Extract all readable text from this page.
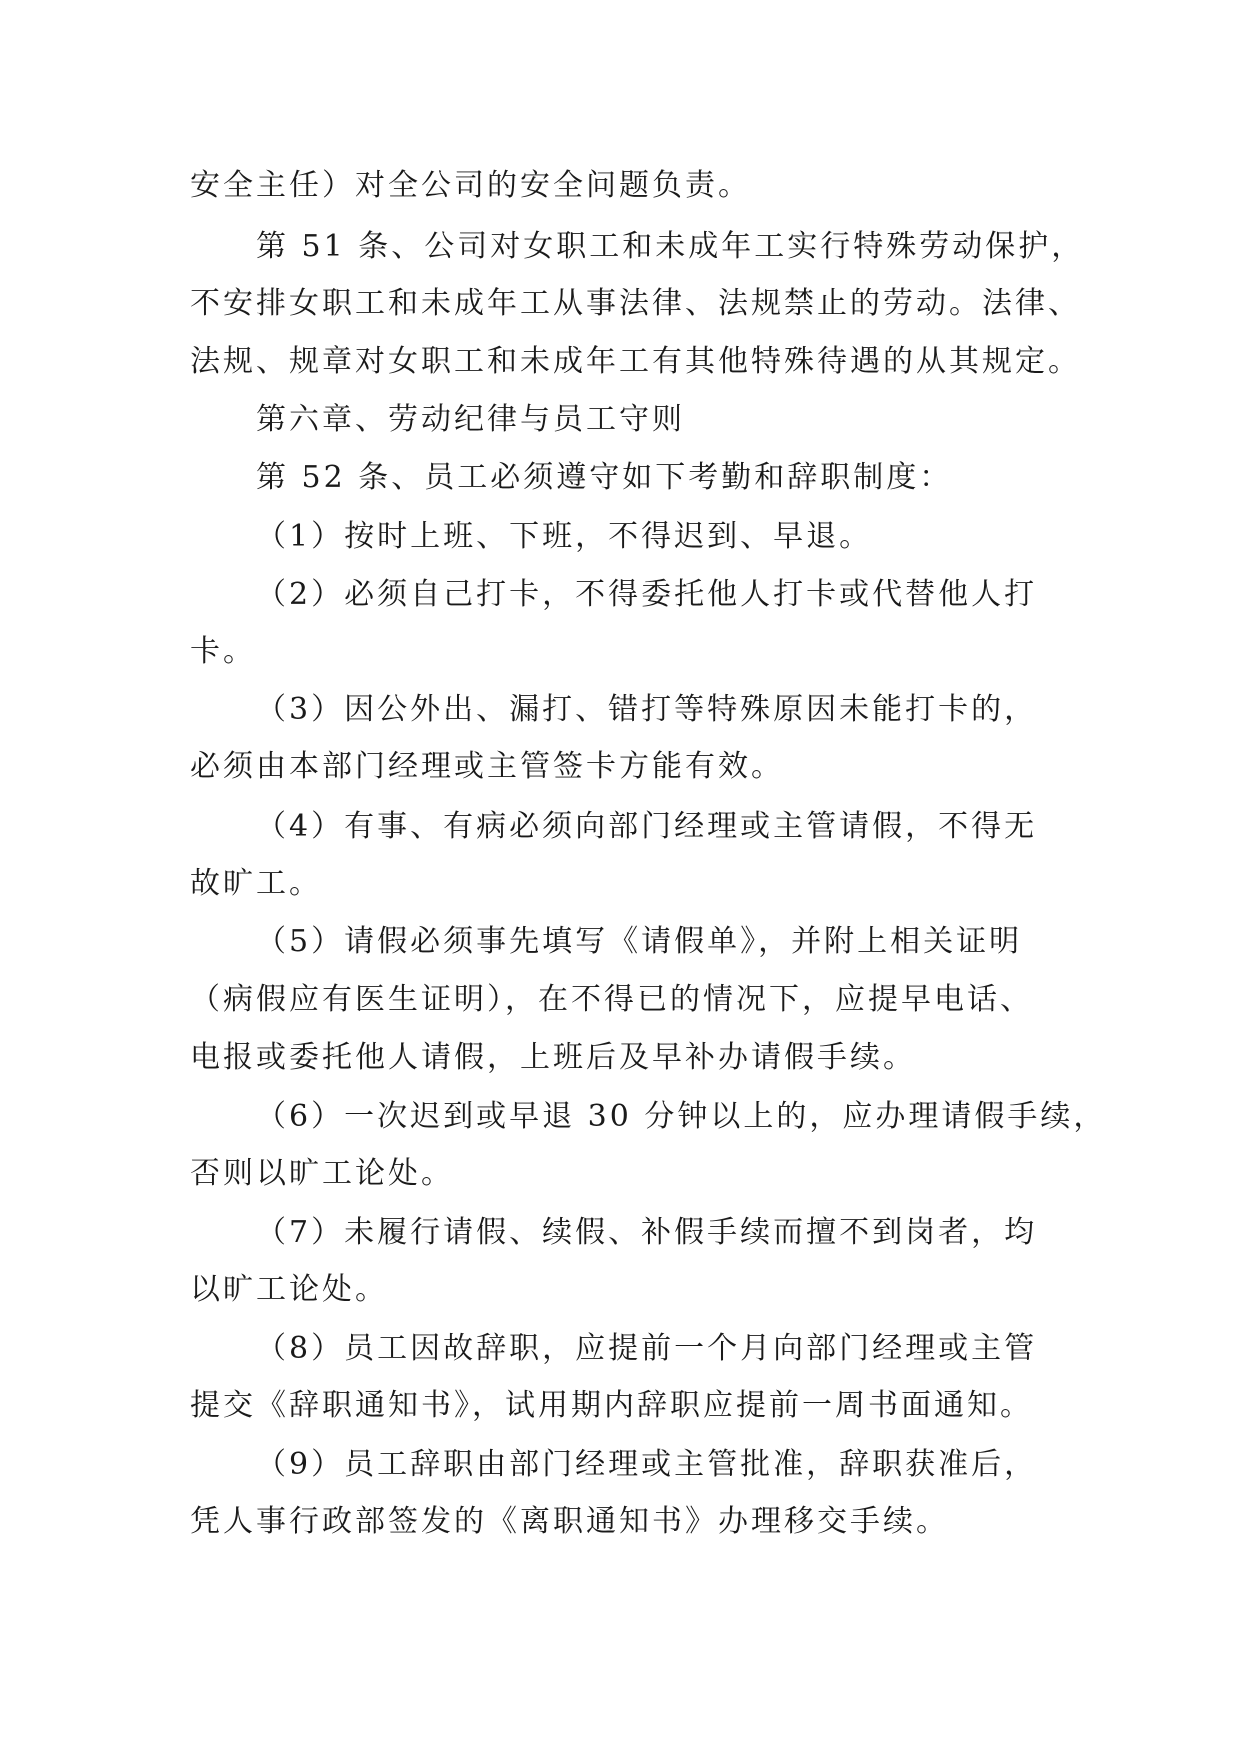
安全主任）对全公司的安全问题负责。
第 51 条、公司对女职工和未成年工实行特殊劳动保护，
不安排女职工和未成年工从事法律、法规禁止的劳动。法律、
法规、规章对女职工和未成年工有其他特殊待遇的从其规定。
第六章、劳动纪律与员工守则
第 52 条、员工必须遵守如下考勤和辞职制度：
（1）按时上班、下班，不得迟到、早退。
（2）必须自己打卡，不得委托他人打卡或代替他人打
卡。
（3）因公外出、漏打、错打等特殊原因未能打卡的，
必须由本部门经理或主管签卡方能有效。
（4）有事、有病必须向部门经理或主管请假，不得无
故旷工。
（5）请假必须事先填写《请假单》，并附上相关证明
（病假应有医生证明），在不得已的情况下，应提早电话、
电报或委托他人请假，上班后及早补办请假手续。
（6）一次迟到或早退 30 分钟以上的，应办理请假手续，
否则以旷工论处。
（7）未履行请假、续假、补假手续而擅不到岗者，均
以旷工论处。
（8）员工因故辞职，应提前一个月向部门经理或主管
提交《辞职通知书》，试用期内辞职应提前一周书面通知。
（9）员工辞职由部门经理或主管批准，辞职获准后，
凭人事行政部签发的《离职通知书》办理移交手续。
